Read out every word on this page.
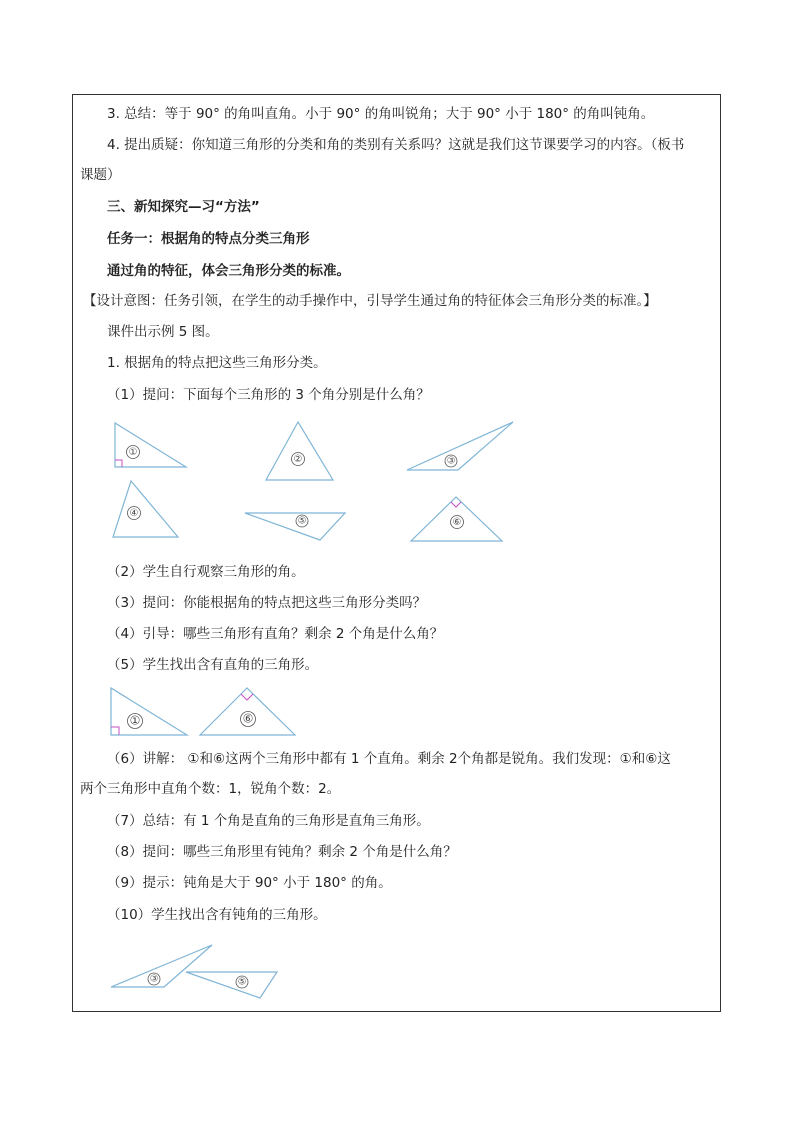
3. 总结：等于 90° 的角叫直角。小于 90° 的角叫锐角；大于 90° 小于 180° 的角叫钝角。
4. 提出质疑：你知道三角形的分类和角的类别有关系吗？这就是我们这节课要学习的内容。（板书
课题）
三、新知探究—习“方法”
任务一：根据角的特点分类三角形
通过角的特征，体会三角形分类的标准。
【设计意图：任务引领，在学生的动手操作中，引导学生通过角的特征体会三角形分类的标准。】
课件出示例 5 图。
1. 根据角的特点把这些三角形分类。
（1）提问：下面每个三角形的 3 个角分别是什么角？
①
②	③
④
⑤	⑥
①	⑥
③	⑤
（2）学生自行观察三角形的角。
（3）提问：你能根据角的特点把这些三角形分类吗？
（4）引导：哪些三角形有直角？剩余 2 个角是什么角？
（5）学生找出含有直角的三角形。
（6）讲解： ①和⑥这两个三角形中都有 1 个直角。剩余 2个角都是锐角。我们发现：①和⑥这
两个三角形中直角个数：1，锐角个数：2。
（7）总结：有 1 个角是直角的三角形是直角三角形。
（8）提问：哪些三角形里有钝角？剩余 2 个角是什么角？
（9）提示：钝角是大于 90° 小于 180° 的角。
（10）学生找出含有钝角的三角形。
